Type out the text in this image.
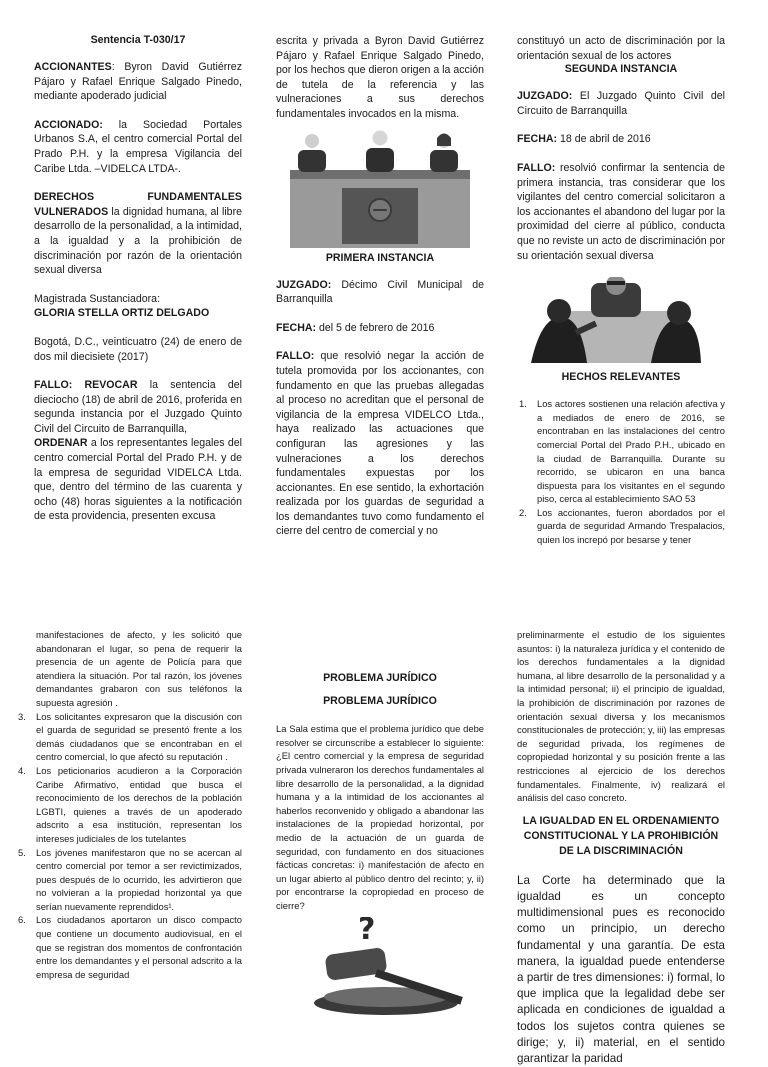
Sentencia T-030/17

ACCIONANTES: Byron David Gutiérrez Pájaro y Rafael Enrique Salgado Pinedo, mediante apoderado judicial

ACCIONADO: la Sociedad Portales Urbanos S.A, el centro comercial Portal del Prado P.H. y la empresa Vigilancia del Caribe Ltda. –VIDELCA LTDA-.

DERECHOS FUNDAMENTALES VULNERADOS la dignidad humana, al libre desarrollo de la personalidad, a la intimidad, a la igualdad y a la prohibición de discriminación por razón de la orientación sexual diversa

Magistrada Sustanciadora:

GLORIA STELLA ORTIZ DELGADO

Bogotá, D.C., veinticuatro (24) de enero de dos mil diecisiete (2017)

FALLO: REVOCAR la sentencia del dieciocho (18) de abril de 2016, proferida en segunda instancia por el Juzgado Quinto Civil del Circuito de Barranquilla,

ORDENAR a los representantes legales del centro comercial Portal del Prado P.H. y de la empresa de seguridad VIDELCA Ltda. que, dentro del término de las cuarenta y ocho (48) horas siguientes a la notificación de esta providencia, presenten excusa

escrita y privada a Byron David Gutiérrez Pájaro y Rafael Enrique Salgado Pinedo, por los hechos que dieron origen a la acción de tutela de la referencia y las vulneraciones a sus derechos fundamentales invocados en la misma.

PRIMERA INSTANCIA

JUZGADO: Décimo Civil Municipal de Barranquilla

FECHA: del 5 de febrero de 2016

FALLO: que resolvió negar la acción de tutela promovida por los accionantes, con fundamento en que las pruebas allegadas al proceso no acreditan que el personal de vigilancia de la empresa VIDELCO Ltda., haya realizado las actuaciones que configuran las agresiones y las vulneraciones a los derechos fundamentales expuestas por los accionantes. En ese sentido, la exhortación realizada por los guardas de seguridad a los demandantes tuvo como fundamento el cierre del centro de comercial y no

constituyó un acto de discriminación por la orientación sexual de los actores

SEGUNDA INSTANCIA

JUZGADO: El Juzgado Quinto Civil del Circuito de Barranquilla

FECHA: 18 de abril de 2016

FALLO: resolvió confirmar la sentencia de primera instancia, tras considerar que los vigilantes del centro comercial solicitaron a los accionantes el abandono del lugar por la proximidad del cierre al público, conducta que no reviste un acto de discriminación por su orientación sexual diversa

HECHOS RELEVANTES

1. Los actores sostienen una relación afectiva y a mediados de enero de 2016, se encontraban en las instalaciones del centro comercial Portal del Prado P.H., ubicado en la ciudad de Barranquilla. Durante su recorrido, se ubicaron en una banca dispuesta para los visitantes en el segundo piso, cerca al establecimiento SAO 53

2. Los accionantes, fueron abordados por el guarda de seguridad Armando Trespalacios, quien los increpó por besarse y tener

manifestaciones de afecto, y les solicitó que abandonaran el lugar, so pena de requerir la presencia de un agente de Policía para que atendiera la situación. Por tal razón, los jóvenes demandantes grabaron con sus teléfonos la supuesta agresión .

3. Los solicitantes expresaron que la discusión con el guarda de seguridad se presentó frente a los demás ciudadanos que se encontraban en el centro comercial, lo que afectó su reputación .

4. Los peticionarios acudieron a la Corporación Caribe Afirmativo, entidad que busca el reconocimiento de los derechos de la población LGBTI, quienes a través de un apoderado adscrito a esa institución, representan los intereses judiciales de los tutelantes

5. Los jóvenes manifestaron que no se acercan al centro comercial por temor a ser revictimizados, pues después de lo ocurrido, les advirtieron que no volvieran a la propiedad horizontal ya que serían nuevamente reprendidos¹.

6. Los ciudadanos aportaron un disco compacto que contiene un documento audiovisual, en el que se registran dos momentos de confrontación entre los demandantes y el personal adscrito a la empresa de seguridad

PROBLEMA JURÍDICO

PROBLEMA JURÍDICO

La Sala estima que el problema jurídico que debe resolver se circunscribe a establecer lo siguiente: ¿El centro comercial y la empresa de seguridad privada vulneraron los derechos fundamentales al libre desarrollo de la personalidad, a la dignidad humana y a la intimidad de los accionantes al haberlos reconvenido y obligado a abandonar las instalaciones de la propiedad horizontal, por medio de la actuación de un guarda de seguridad, con fundamento en dos situaciones fácticas concretas: i) manifestación de afecto en un lugar abierto al público dentro del recinto; y, ii) por encontrarse la copropiedad en proceso de cierre?

?

preliminarmente el estudio de los siguientes asuntos: i) la naturaleza jurídica y el contenido de los derechos fundamentales a la dignidad humana, al libre desarrollo de la personalidad y a la intimidad personal; ii) el principio de igualdad, la prohibición de discriminación por razones de orientación sexual diversa y los mecanismos constitucionales de protección; y, iii) las empresas de seguridad privada, los regímenes de copropiedad horizontal y su posición frente a las restricciones al ejercicio de los derechos fundamentales. Finalmente, iv) realizará el análisis del caso concreto.

LA IGUALDAD EN EL ORDENAMIENTO CONSTITUCIONAL Y LA PROHIBICIÓN DE LA DISCRIMINACIÓN

La Corte ha determinado que la igualdad es un concepto multidimensional pues es reconocido como un principio, un derecho fundamental y una garantía. De esta manera, la igualdad puede entenderse a partir de tres dimensiones: i) formal, lo que implica que la legalidad debe ser aplicada en condiciones de igualdad a todos los sujetos contra quienes se dirige; y, ii) material, en el sentido garantizar la paridad
